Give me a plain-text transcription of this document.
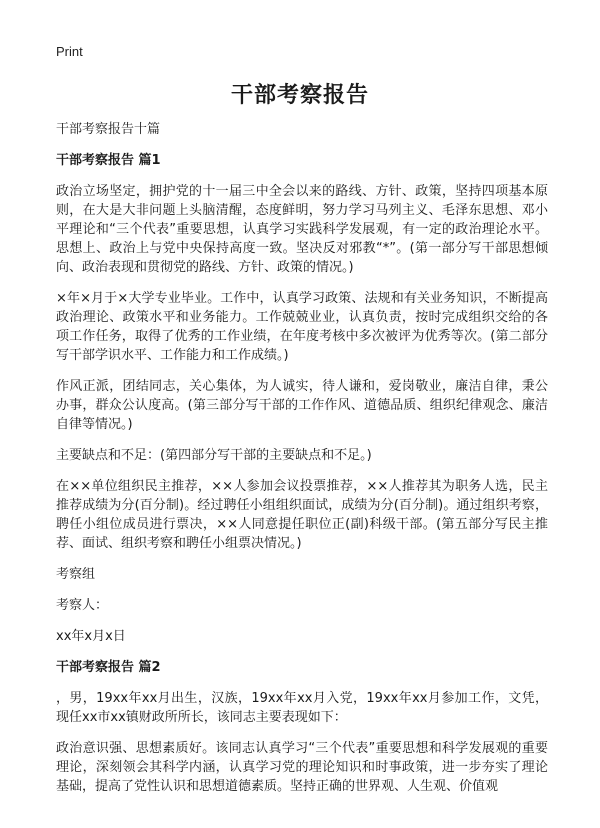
Print
干部考察报告

干部考察报告十篇

干部考察报告 篇1

政治立场坚定，拥护党的十一届三中全会以来的路线、方针、政策，坚持四项基本原则，在大是大非问题上头脑清醒，态度鲜明，努力学习马列主义、毛泽东思想、邓小平理论和“三个代表”重要思想，认真学习实践科学发展观，有一定的政治理论水平。思想上、政治上与党中央保持高度一致。坚决反对邪教“*”。(第一部分写干部思想倾向、政治表现和贯彻党的路线、方针、政策的情况。)

×年×月于×大学专业毕业。工作中，认真学习政策、法规和有关业务知识，不断提高政治理论、政策水平和业务能力。工作兢兢业业，认真负责，按时完成组织交给的各项工作任务，取得了优秀的工作业绩，在年度考核中多次被评为优秀等次。(第二部分写干部学识水平、工作能力和工作成绩。)

作风正派，团结同志，关心集体，为人诚实，待人谦和，爱岗敬业，廉洁自律，秉公办事，群众公认度高。(第三部分写干部的工作作风、道德品质、组织纪律观念、廉洁自律等情况。)

主要缺点和不足：(第四部分写干部的主要缺点和不足。)

在××单位组织民主推荐，××人参加会议投票推荐，××人推荐其为职务人选，民主推荐成绩为分(百分制)。经过聘任小组组织面试，成绩为分(百分制)。通过组织考察，聘任小组位成员进行票决，××人同意提任职位正(副)科级干部。(第五部分写民主推荐、面试、组织考察和聘任小组票决情况。)

考察组

考察人：

xx年x月x日

干部考察报告 篇2

，男，19xx年xx月出生，汉族，19xx年xx月入党，19xx年xx月参加工作，文凭，现任xx市xx镇财政所所长，该同志主要表现如下：

政治意识强、思想素质好。该同志认真学习“三个代表”重要思想和科学发展观的重要理论，深刻领会其科学内涵，认真学习党的理论知识和时事政策，进一步夯实了理论基础，提高了党性认识和思想道德素质。坚持正确的世界观、人生观、价值观
